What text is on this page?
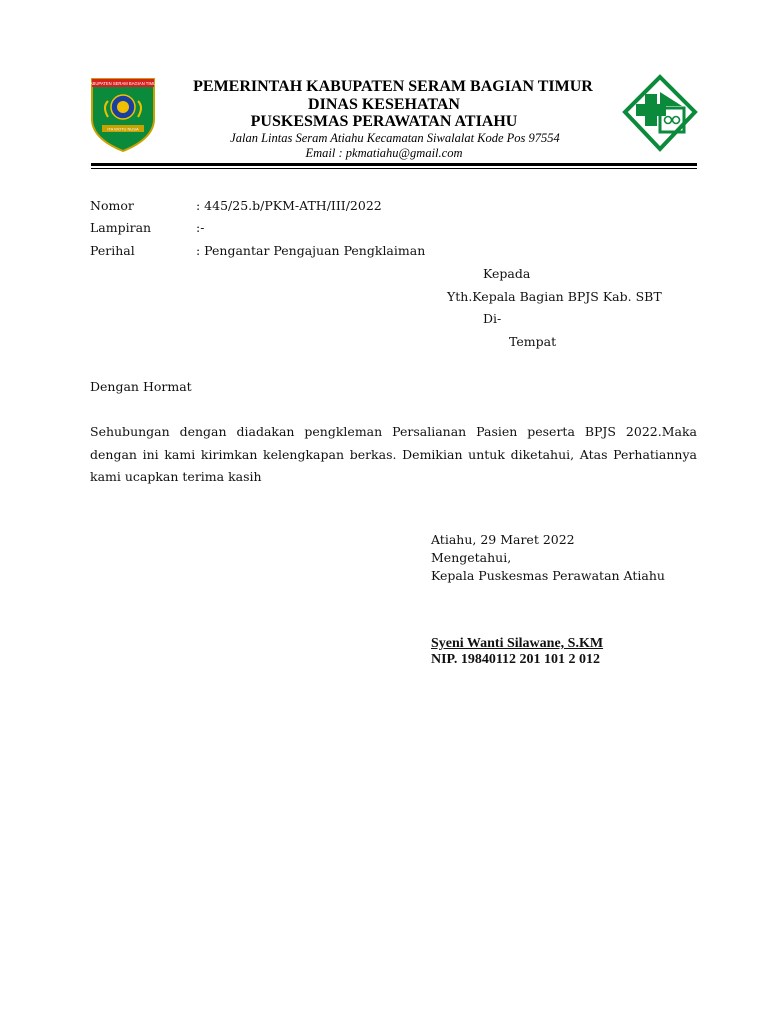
KABUPATEN SERAM BAGIAN TIMUR
ITA WOTU NUSA
PEMERINTAH KABUPATEN SERAM BAGIAN TIMUR
DINAS KESEHATAN
PUSKESMAS PERAWATAN ATIAHU
Jalan Lintas Seram Atiahu Kecamatan Siwalalat Kode Pos 97554
Email : pkmatiahu@gmail.com
Nomor	: 445/25.b/PKM-ATH/III/2022
Lampiran	:-
Perihal	: Pengantar Pengajuan Pengklaiman
Kepada
Yth.Kepala Bagian BPJS Kab. SBT
Di-
Tempat
Dengan Hormat
Sehubungan dengan diadakan pengkleman Persalianan Pasien peserta BPJS 2022.Maka dengan ini kami kirimkan kelengkapan berkas. Demikian untuk diketahui, Atas Perhatiannya kami ucapkan terima kasih
Atiahu, 29 Maret 2022
Mengetahui,
Kepala Puskesmas Perawatan Atiahu
Syeni Wanti Silawane, S.KM
NIP. 19840112 201 101 2 012
